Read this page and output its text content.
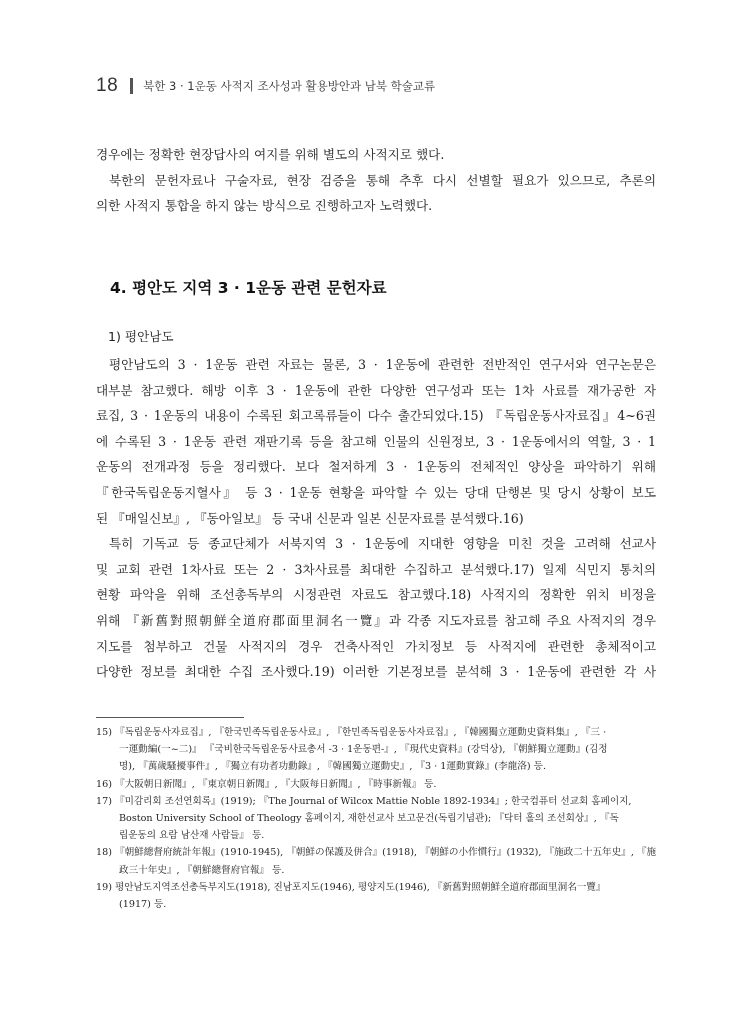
18 북한 3 · 1운동 사적지 조사성과 활용방안과 남북 학술교류
경우에는 정확한 현장답사의 여지를 위해 별도의 사적지로 했다.
북한의 문헌자료나 구술자료, 현장 검증을 통해 추후 다시 선별할 필요가 있으므로, 추론의
의한 사적지 통합을 하지 않는 방식으로 진행하고자 노력했다.
4. 평안도 지역 3 · 1운동 관련 문헌자료
1) 평안남도
평안남도의 3 · 1운동 관련 자료는 물론, 3 · 1운동에 관련한 전반적인 연구서와 연구논문은
대부분 참고했다. 해방 이후 3 · 1운동에 관한 다양한 연구성과 또는 1차 사료를 재가공한 자
료집, 3 · 1운동의 내용이 수록된 회고록류들이 다수 출간되었다.15) 『독립운동사자료집』4~6권
에 수록된 3 · 1운동 관련 재판기록 등을 참고해 인물의 신원정보, 3 · 1운동에서의 역할, 3 · 1
운동의 전개과정 등을 정리했다. 보다 철저하게 3 · 1운동의 전체적인 양상을 파악하기 위해
『한국독립운동지혈사』 등 3 · 1운동 현황을 파악할 수 있는 당대 단행본 및 당시 상황이 보도
된 『매일신보』, 『동아일보』 등 국내 신문과 일본 신문자료를 분석했다.16)
특히 기독교 등 종교단체가 서북지역 3 · 1운동에 지대한 영향을 미친 것을 고려해 선교사
및 교회 관련 1차사료 또는 2 · 3차사료를 최대한 수집하고 분석했다.17) 일제 식민지 통치의
현황 파악을 위해 조선총독부의 시정관련 자료도 참고했다.18) 사적지의 정확한 위치 비정을
위해 『新舊對照朝鮮全道府郡面里洞名一覽』과 각종 지도자료를 참고해 주요 사적지의 경우
지도를 첨부하고 건물 사적지의 경우 건축사적인 가치정보 등 사적지에 관련한 총체적이고
다양한 정보를 최대한 수집 조사했다.19) 이러한 기본정보를 분석해 3 · 1운동에 관련한 각 사
15) 『독립운동사자료집』, 『한국민족독립운동사료』, 『한민족독립운동사자료집』, 『韓國獨立運動史資料集』, 『三 ·
一運動編(一~二)』 『국비한국독립운동사료총서 -3 · 1운동편-』, 『現代史資料』(강덕상), 『朝鮮獨立運動』(김정
명), 『萬歲騷擾事件』, 『獨立有功者功勳錄』, 『韓國獨立運動史』, 『3 · 1運動實錄』(李龍洛) 등.
16) 『大阪朝日新聞』, 『東京朝日新聞』, 『大阪每日新聞』, 『時事新報』 등.
17) 『미감리회 조선연회록』(1919); 『The Journal of Wilcox Mattie Noble 1892-1934』; 한국컴퓨터 선교회 홈페이지,
Boston University School of Theology 홈페이지, 재한선교사 보고문건(독립기념관); 『닥터 홀의 조선회상』, 『독
립운동의 요람 남산재 사람들』 등.
18) 『朝鮮總督府統計年報』(1910-1945), 『朝鮮の保護及併合』(1918), 『朝鮮の小作慣行』(1932), 『施政二十五年史』, 『施
政三十年史』, 『朝鮮總督府官報』 등.
19) 평안남도지역조선총독부지도(1918), 진남포지도(1946), 평양지도(1946), 『新舊對照朝鮮全道府郡面里洞名一覽』
(1917) 등.
